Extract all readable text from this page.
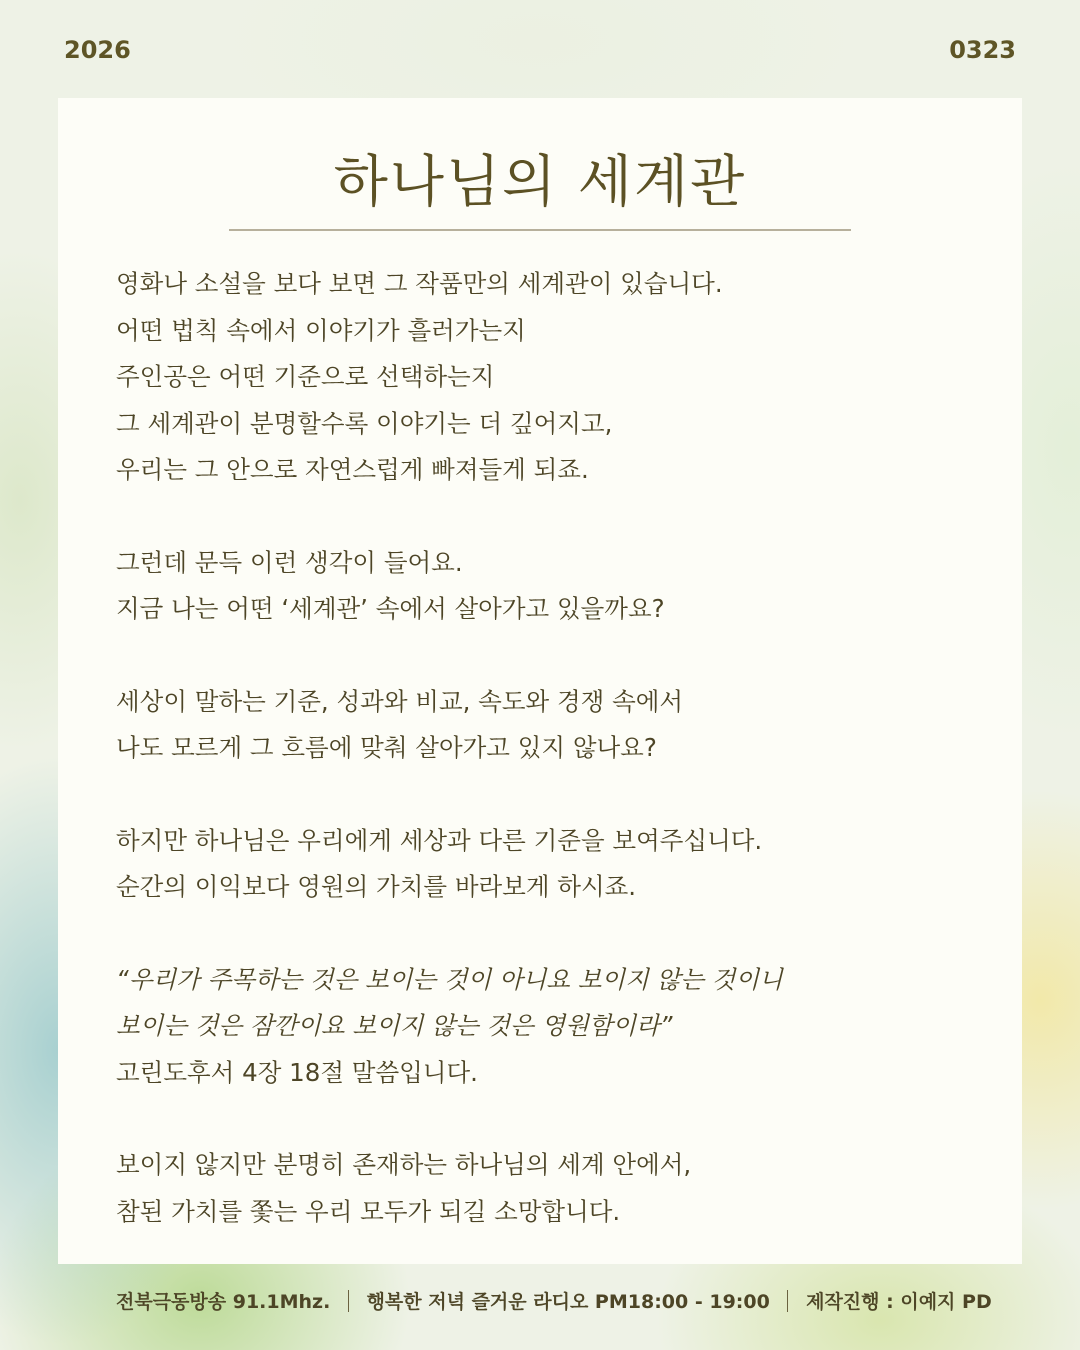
2026	0323
하나님의 세계관
영화나 소설을 보다 보면 그 작품만의 세계관이 있습니다.
어떤 법칙 속에서 이야기가 흘러가는지
주인공은 어떤 기준으로 선택하는지
그 세계관이 분명할수록 이야기는 더 깊어지고,
우리는 그 안으로 자연스럽게 빠져들게 되죠.
그런데 문득 이런 생각이 들어요.
지금 나는 어떤 ‘세계관’ 속에서 살아가고 있을까요?
세상이 말하는 기준, 성과와 비교, 속도와 경쟁 속에서
나도 모르게 그 흐름에 맞춰 살아가고 있지 않나요?
하지만 하나님은 우리에게 세상과 다른 기준을 보여주십니다.
순간의 이익보다 영원의 가치를 바라보게 하시죠.
“우리가 주목하는 것은 보이는 것이 아니요 보이지 않는 것이니
보이는 것은 잠깐이요 보이지 않는 것은 영원함이라”
고린도후서 4장 18절 말씀입니다.
보이지 않지만 분명히 존재하는 하나님의 세계 안에서,
참된 가치를 쫓는 우리 모두가 되길 소망합니다.
전북극동방송 91.1Mhz. 행복한 저녁 즐거운 라디오 PM18:00 - 19:00 제작진행 : 이예지 PD
